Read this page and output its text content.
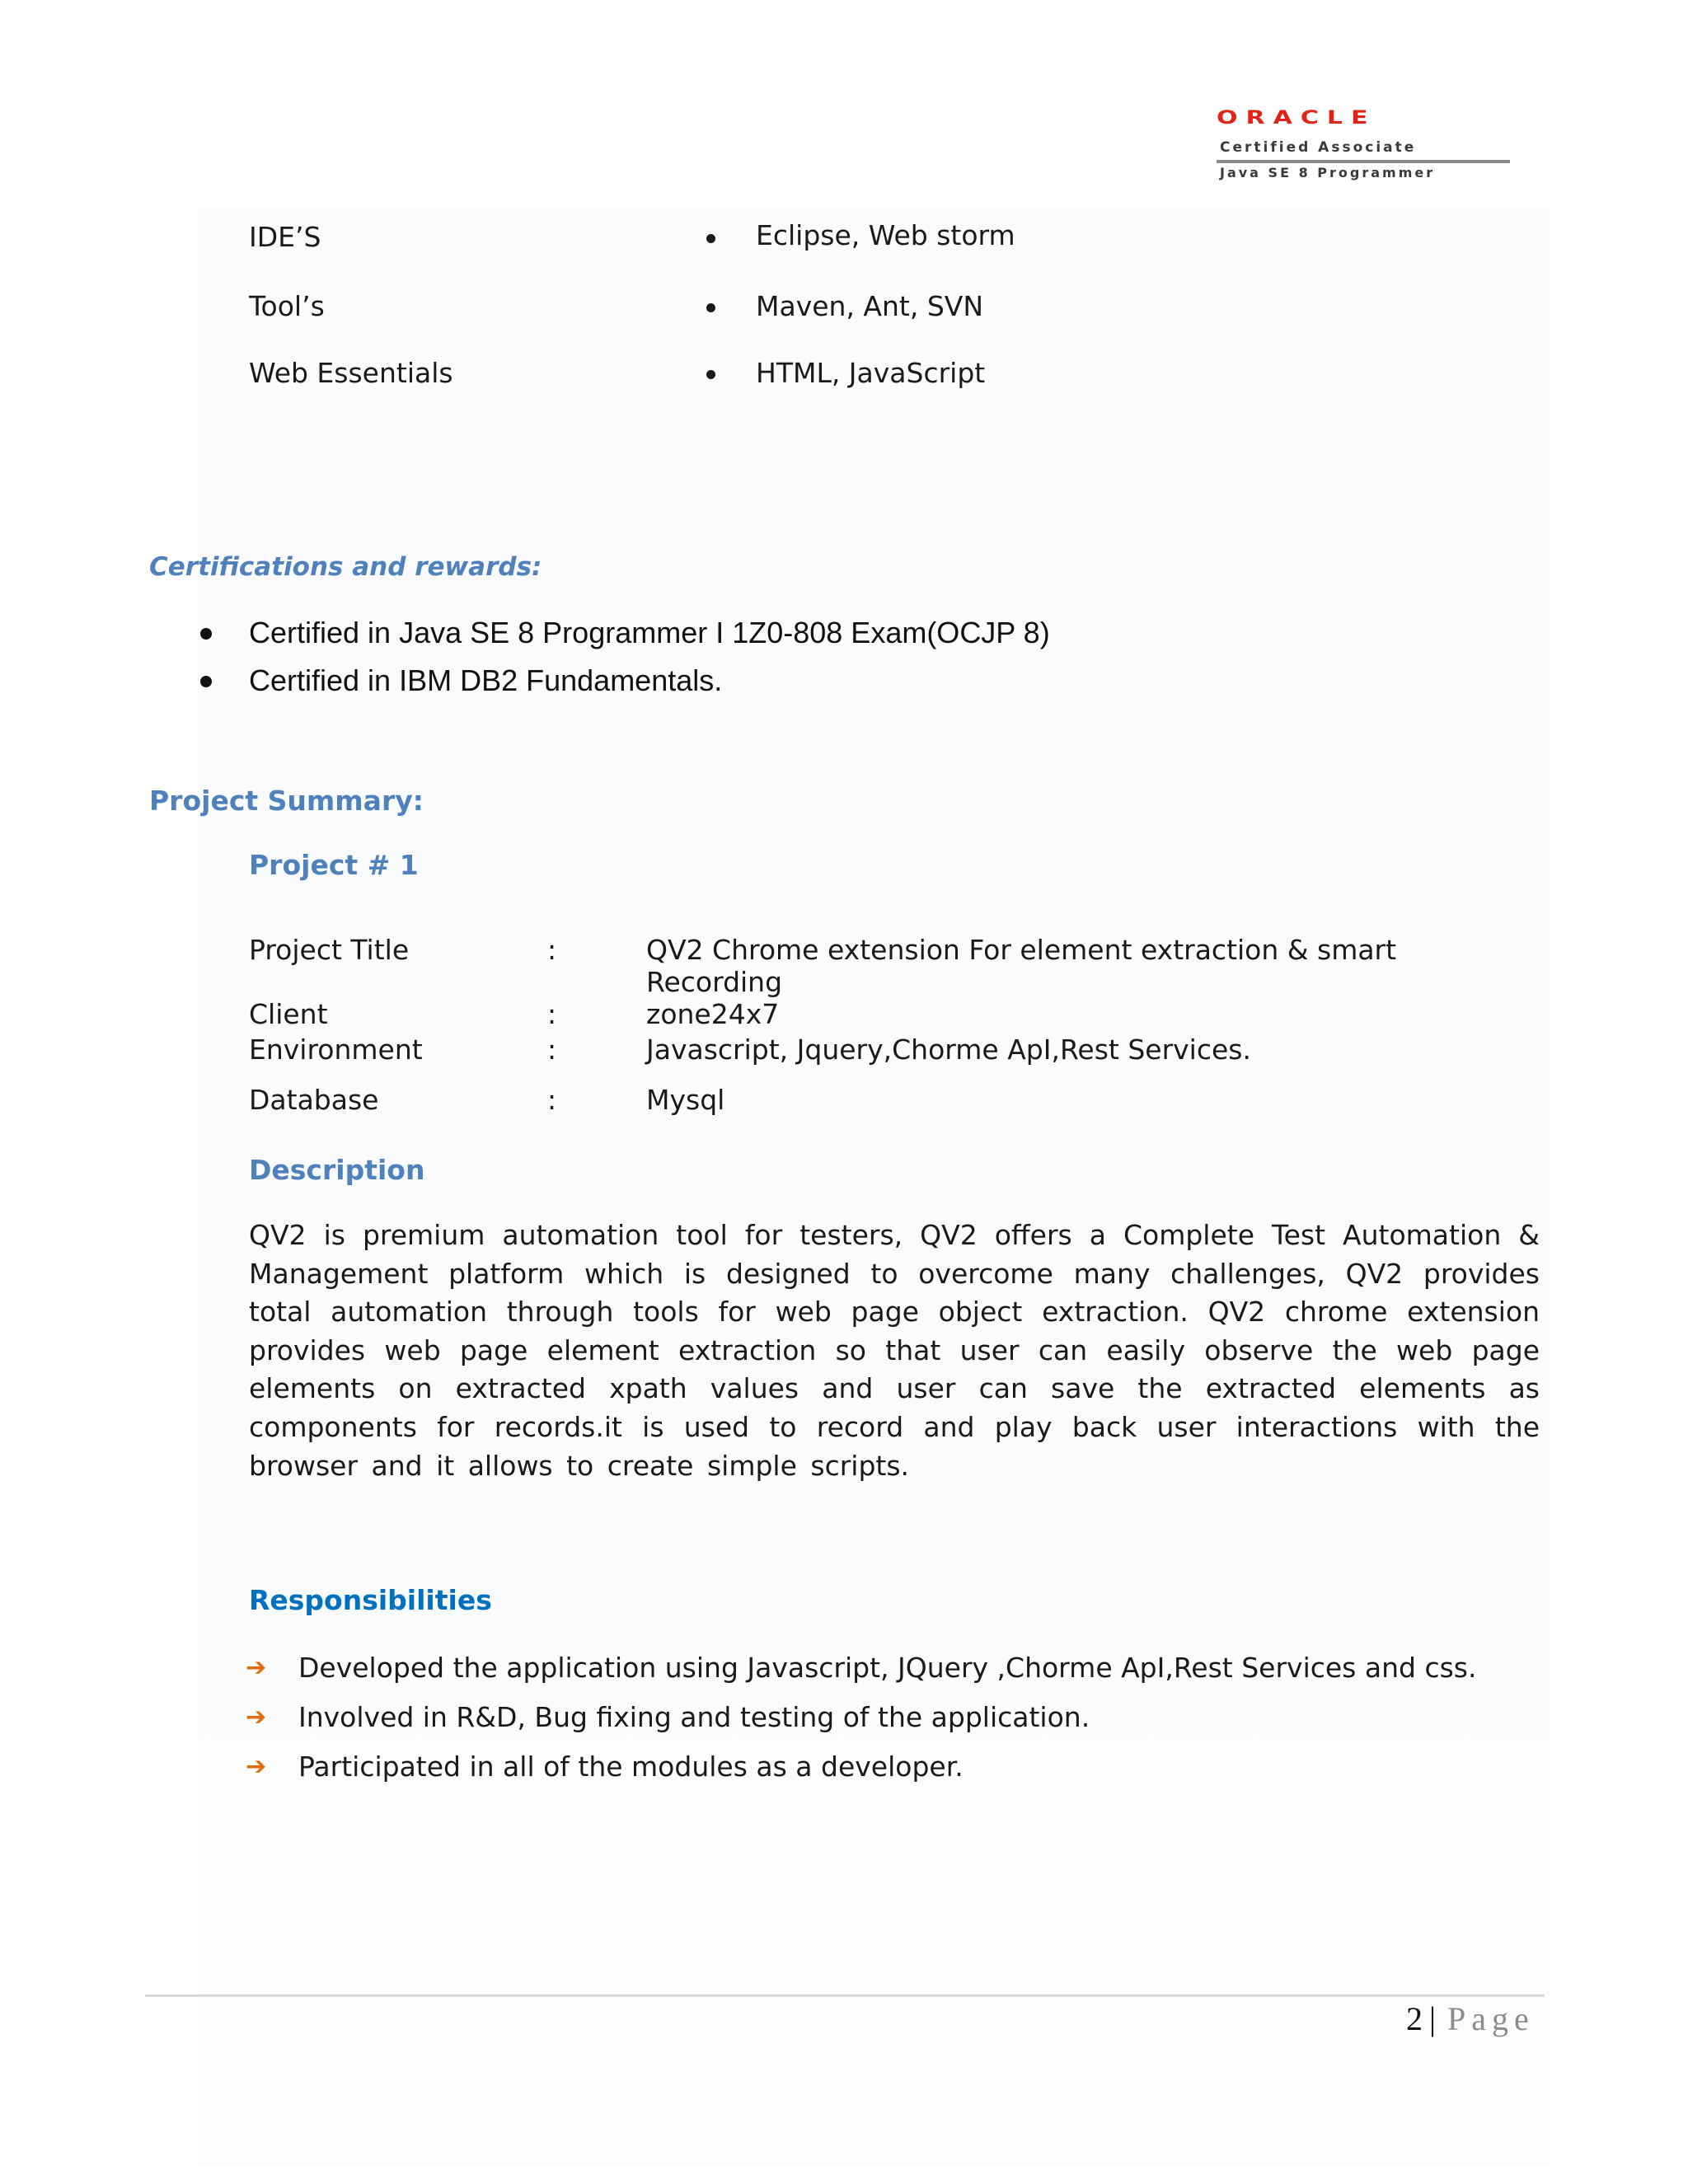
ORACLE
Certified Associate
Java SE 8 Programmer
IDE’S	Eclipse, Web storm
Tool’s	Maven, Ant, SVN
Web Essentials	HTML, JavaScript
Certifications and rewards:
Certified in Java SE 8 Programmer I 1Z0-808 Exam(OCJP 8)
Certified in IBM DB2 Fundamentals.
Project Summary:
Project # 1
Project Title	:	QV2 Chrome extension For element extraction & smart
Recording
Client	:	zone24x7
Environment	:	Javascript, Jquery,Chorme ApI,Rest Services.
Database	:	Mysql
Description
QV2 is premium automation tool for testers, QV2 offers a Complete Test Automation & Management platform which is designed to overcome many challenges, QV2 provides total automation through tools for web page object extraction. QV2 chrome extension provides web page element extraction so that user can easily observe the web page elements on extracted xpath values and user can save the extracted elements as components for records.it is used to record and play back user interactions with the browser and it allows to create simple scripts.
Responsibilities
➔ Developed the application using Javascript, JQuery ,Chorme ApI,Rest Services and css.
➔ Involved in R&D, Bug fixing and testing of the application.
➔ Participated in all of the modules as a developer.
2 | Page
